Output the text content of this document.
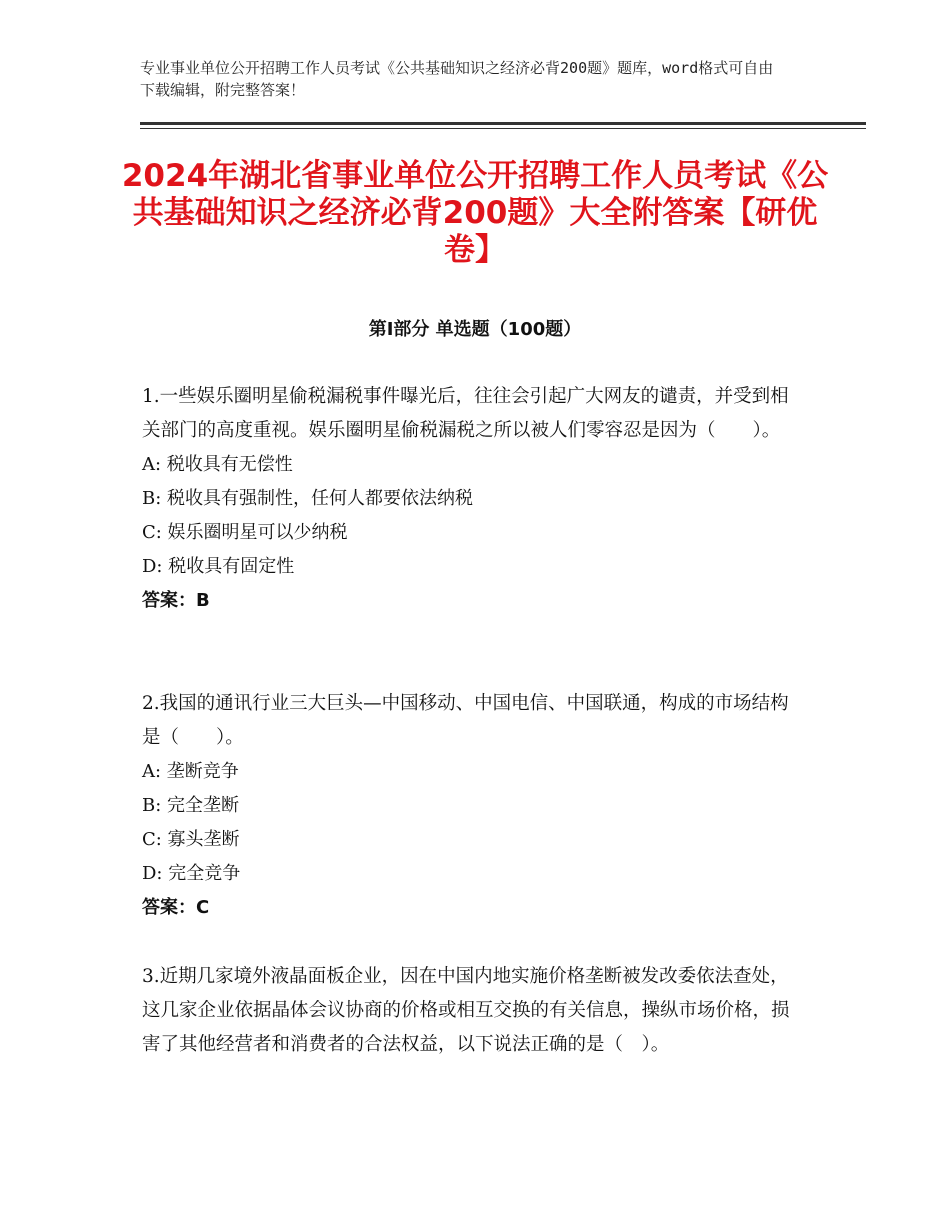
专业事业单位公开招聘工作人员考试《公共基础知识之经济必背200题》题库，word格式可自由下载编辑，附完整答案！
2024年湖北省事业单位公开招聘工作人员考试《公共基础知识之经济必背200题》大全附答案【研优卷】
第I部分 单选题（100题）
1.一些娱乐圈明星偷税漏税事件曝光后，往往会引起广大网友的谴责，并受到相关部门的高度重视。娱乐圈明星偷税漏税之所以被人们零容忍是因为（　　）。
A: 税收具有无偿性
B: 税收具有强制性，任何人都要依法纳税
C: 娱乐圈明星可以少纳税
D: 税收具有固定性
答案：B
2.我国的通讯行业三大巨头—中国移动、中国电信、中国联通，构成的市场结构是（　　）。
A: 垄断竞争
B: 完全垄断
C: 寡头垄断
D: 完全竞争
答案：C
3.近期几家境外液晶面板企业，因在中国内地实施价格垄断被发改委依法查处，这几家企业依据晶体会议协商的价格或相互交换的有关信息，操纵市场价格，损害了其他经营者和消费者的合法权益，以下说法正确的是（　）。
